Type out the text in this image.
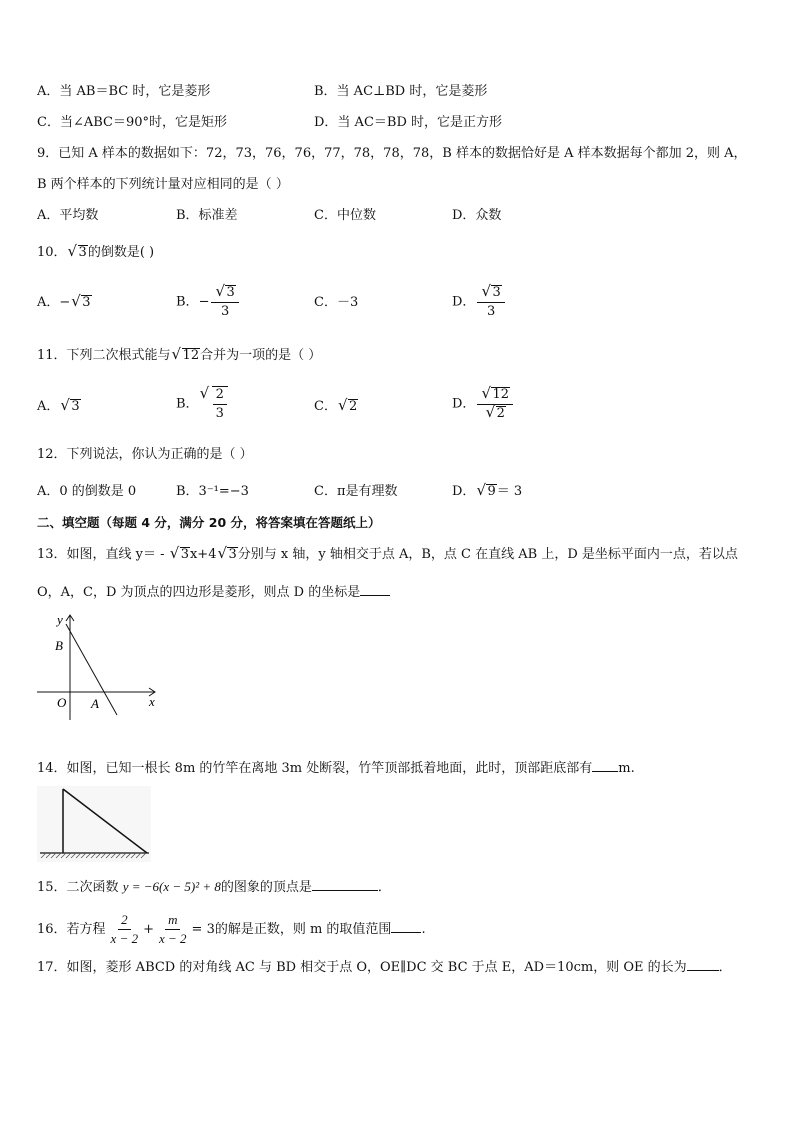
A．当 AB＝BC 时，它是菱形	B．当 AC⊥BD 时，它是菱形
C．当∠ABC＝90°时，它是矩形	D．当 AC＝BD 时，它是正方形
9．已知 A 样本的数据如下：72，73，76，76，77，78，78，78，B 样本的数据恰好是 A 样本数据每个都加 2，则 A，
B 两个样本的下列统计量对应相同的是（ ）
A．平均数	B．标准差	C．中位数	D．众数
10． √ 3的倒数是( )
A．− √ 3	B．− √ $\frac{3}{3}$	C．－3	D． √ $\frac{3}{3}$
11．下列二次根式能与 √ 12合并为一项的是（ ）
A． √ 3	B． √ $\frac{2}{3}$	C． √ 2	D． √ 12
√ 2
12．下列说法，你认为正确的是（ ）
A．0 的倒数是 0	B．3⁻¹=−3	C．π是有理数	D． √ 9＝ 3
二、填空题（每题 4 分，满分 20 分，将答案填在答题纸上）
13．如图，直线 y＝ - √ 3x+4 √ 3分别与 x 轴，y 轴相交于点 A，B，点 C 在直线 AB 上，D 是坐标平面内一点，若以点
O，A，C，D 为顶点的四边形是菱形，则点 D 的坐标是
y
x
B
O A
14．如图，已知一根长 8m 的竹竿在离地 3m 处断裂，竹竿顶部抵着地面，此时，顶部距底部有 m.
15．二次函数 y = −6(x − 5)² + 8的图象的顶点是	．
16．若方程 $\frac{2}{x - 2} + \frac{m}{x - 2} = 3$的解是正数，则 m 的取值范围 .
17．如图，菱形 ABCD 的对角线 AC 与 BD 相交于点 O，OE∥DC 交 BC 于点 E，AD＝10cm，则 OE 的长为 ．
